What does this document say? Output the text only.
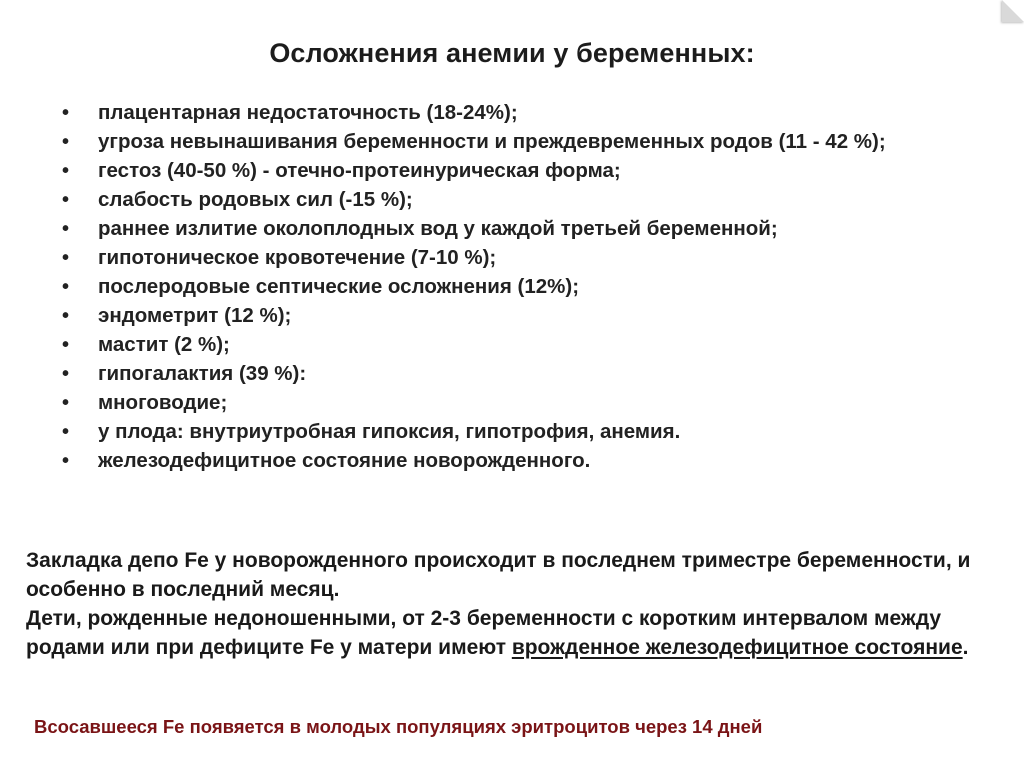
Осложнения анемии у беременных:
•	плацентарная недостаточность (18-24%);
•	угроза невынашивания беременности и преждевременных родов (11 - 42 %);
•	гестоз (40-50 %) - отечно-протеинурическая форма;
•	слабость родовых сил (-15 %);
•	раннее излитие околоплодных вод у каждой третьей беременной;
•	гипотоническое кровотечение (7-10 %);
•	послеродовые септические осложнения (12%);
•	эндометрит (12 %);
•	мастит (2 %);
•	гипогалактия (39 %):
•	многоводие;
•	у плода: внутриутробная гипоксия, гипотрофия, анемия.
•	железодефицитное состояние новорожденного.

Закладка депо Fe у новорожденного происходит в последнем триместре беременности, и особенно в последний месяц.

Дети, рожденные недоношенными, от 2-3 беременности с коротким интервалом между родами или при дефиците Fe у матери имеют врожденное железодефицитное состояние.

Всосавшееся Fe появяется в молодых популяциях эритроцитов через 14 дней
